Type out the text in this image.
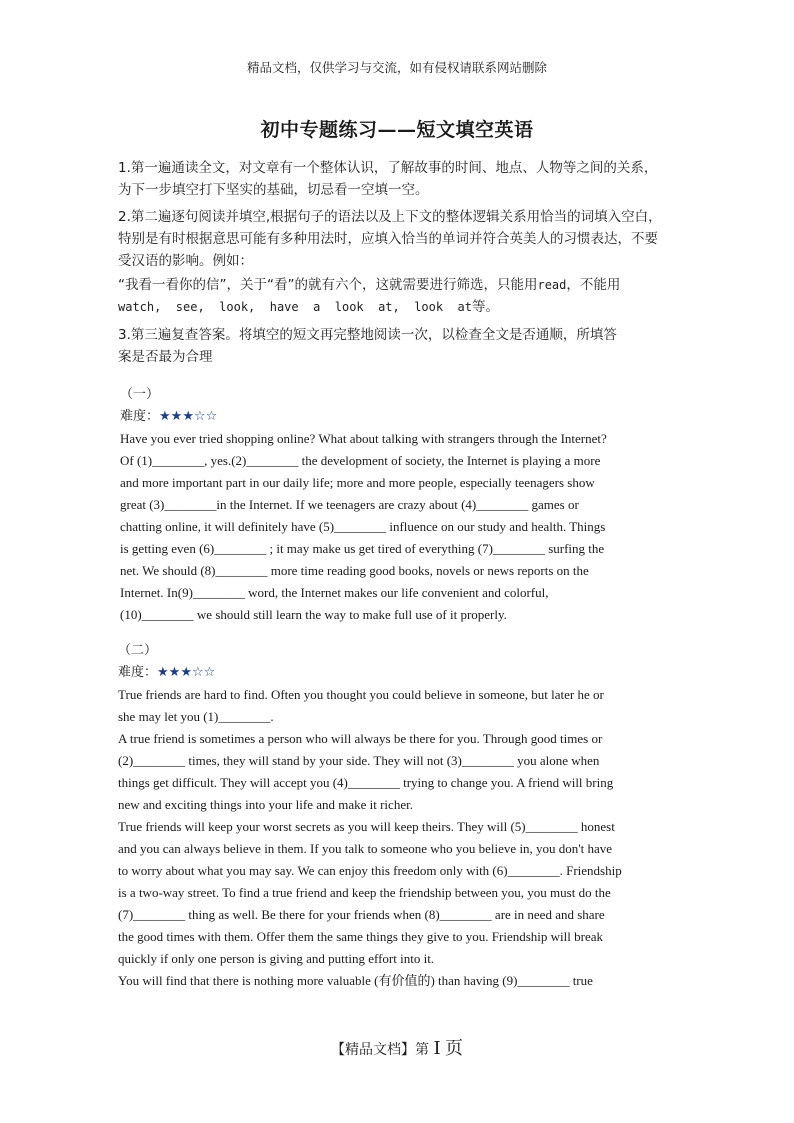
精品文档，仅供学习与交流，如有侵权请联系网站删除
初中专题练习——短文填空英语

1.第一遍通读全文，对文章有一个整体认识，了解故事的时间、地点、人物等之间的关系，

为下一步填空打下坚实的基础，切忌看一空填一空。

2.第二遍逐句阅读并填空,根据句子的语法以及上下文的整体逻辑关系用恰当的词填入空白，

特别是有时根据意思可能有多种用法时，应填入恰当的单词并符合英美人的习惯表达，不要

受汉语的影响。例如：

“我看一看你的信”，关于“看”的就有六个，这就需要进行筛选，只能用read，不能用

watch,  see,  look,  have  a  look  at,  look  at等。

3.第三遍复查答案。将填空的短文再完整地阅读一次，以检查全文是否通顺，所填答

案是否最为合理

（一）
难度：★★★☆☆
Have you ever tried shopping online? What about talking with strangers through the Internet?
Of (1)________, yes.(2)________ the development of society, the Internet is playing a more
and more important part in our daily life; more and more people, especially teenagers show
great (3)________in the Internet. If we teenagers are crazy about (4)________ games or
chatting online, it will definitely have (5)________ influence on our study and health. Things
is getting even (6)________ ; it may make us get tired of everything (7)________ surfing the
net. We should (8)________ more time reading good books, novels or news reports on the
Internet. In(9)________ word, the Internet makes our life convenient and colorful,
(10)________ we should still learn the way to make full use of it properly.
（二）
难度：★★★☆☆
True friends are hard to find. Often you thought you could believe in someone, but later he or
she may let you (1)________.
A true friend is sometimes a person who will always be there for you. Through good times or
(2)________ times, they will stand by your side. They will not (3)________ you alone when
things get difficult. They will accept you (4)________ trying to change you. A friend will bring
new and exciting things into your life and make it richer.
True friends will keep your worst secrets as you will keep theirs. They will (5)________ honest
and you can always believe in them. If you talk to someone who you believe in, you don't have
to worry about what you may say. We can enjoy this freedom only with (6)________. Friendship
is a two-way street. To find a true friend and keep the friendship between you, you must do the
(7)________ thing as well. Be there for your friends when (8)________ are in need and share
the good times with them. Offer them the same things they give to you. Friendship will break
quickly if only one person is giving and putting effort into it.
You will find that there is nothing more valuable (有价值的) than having (9)________ true
【精品文档】第 I 页
